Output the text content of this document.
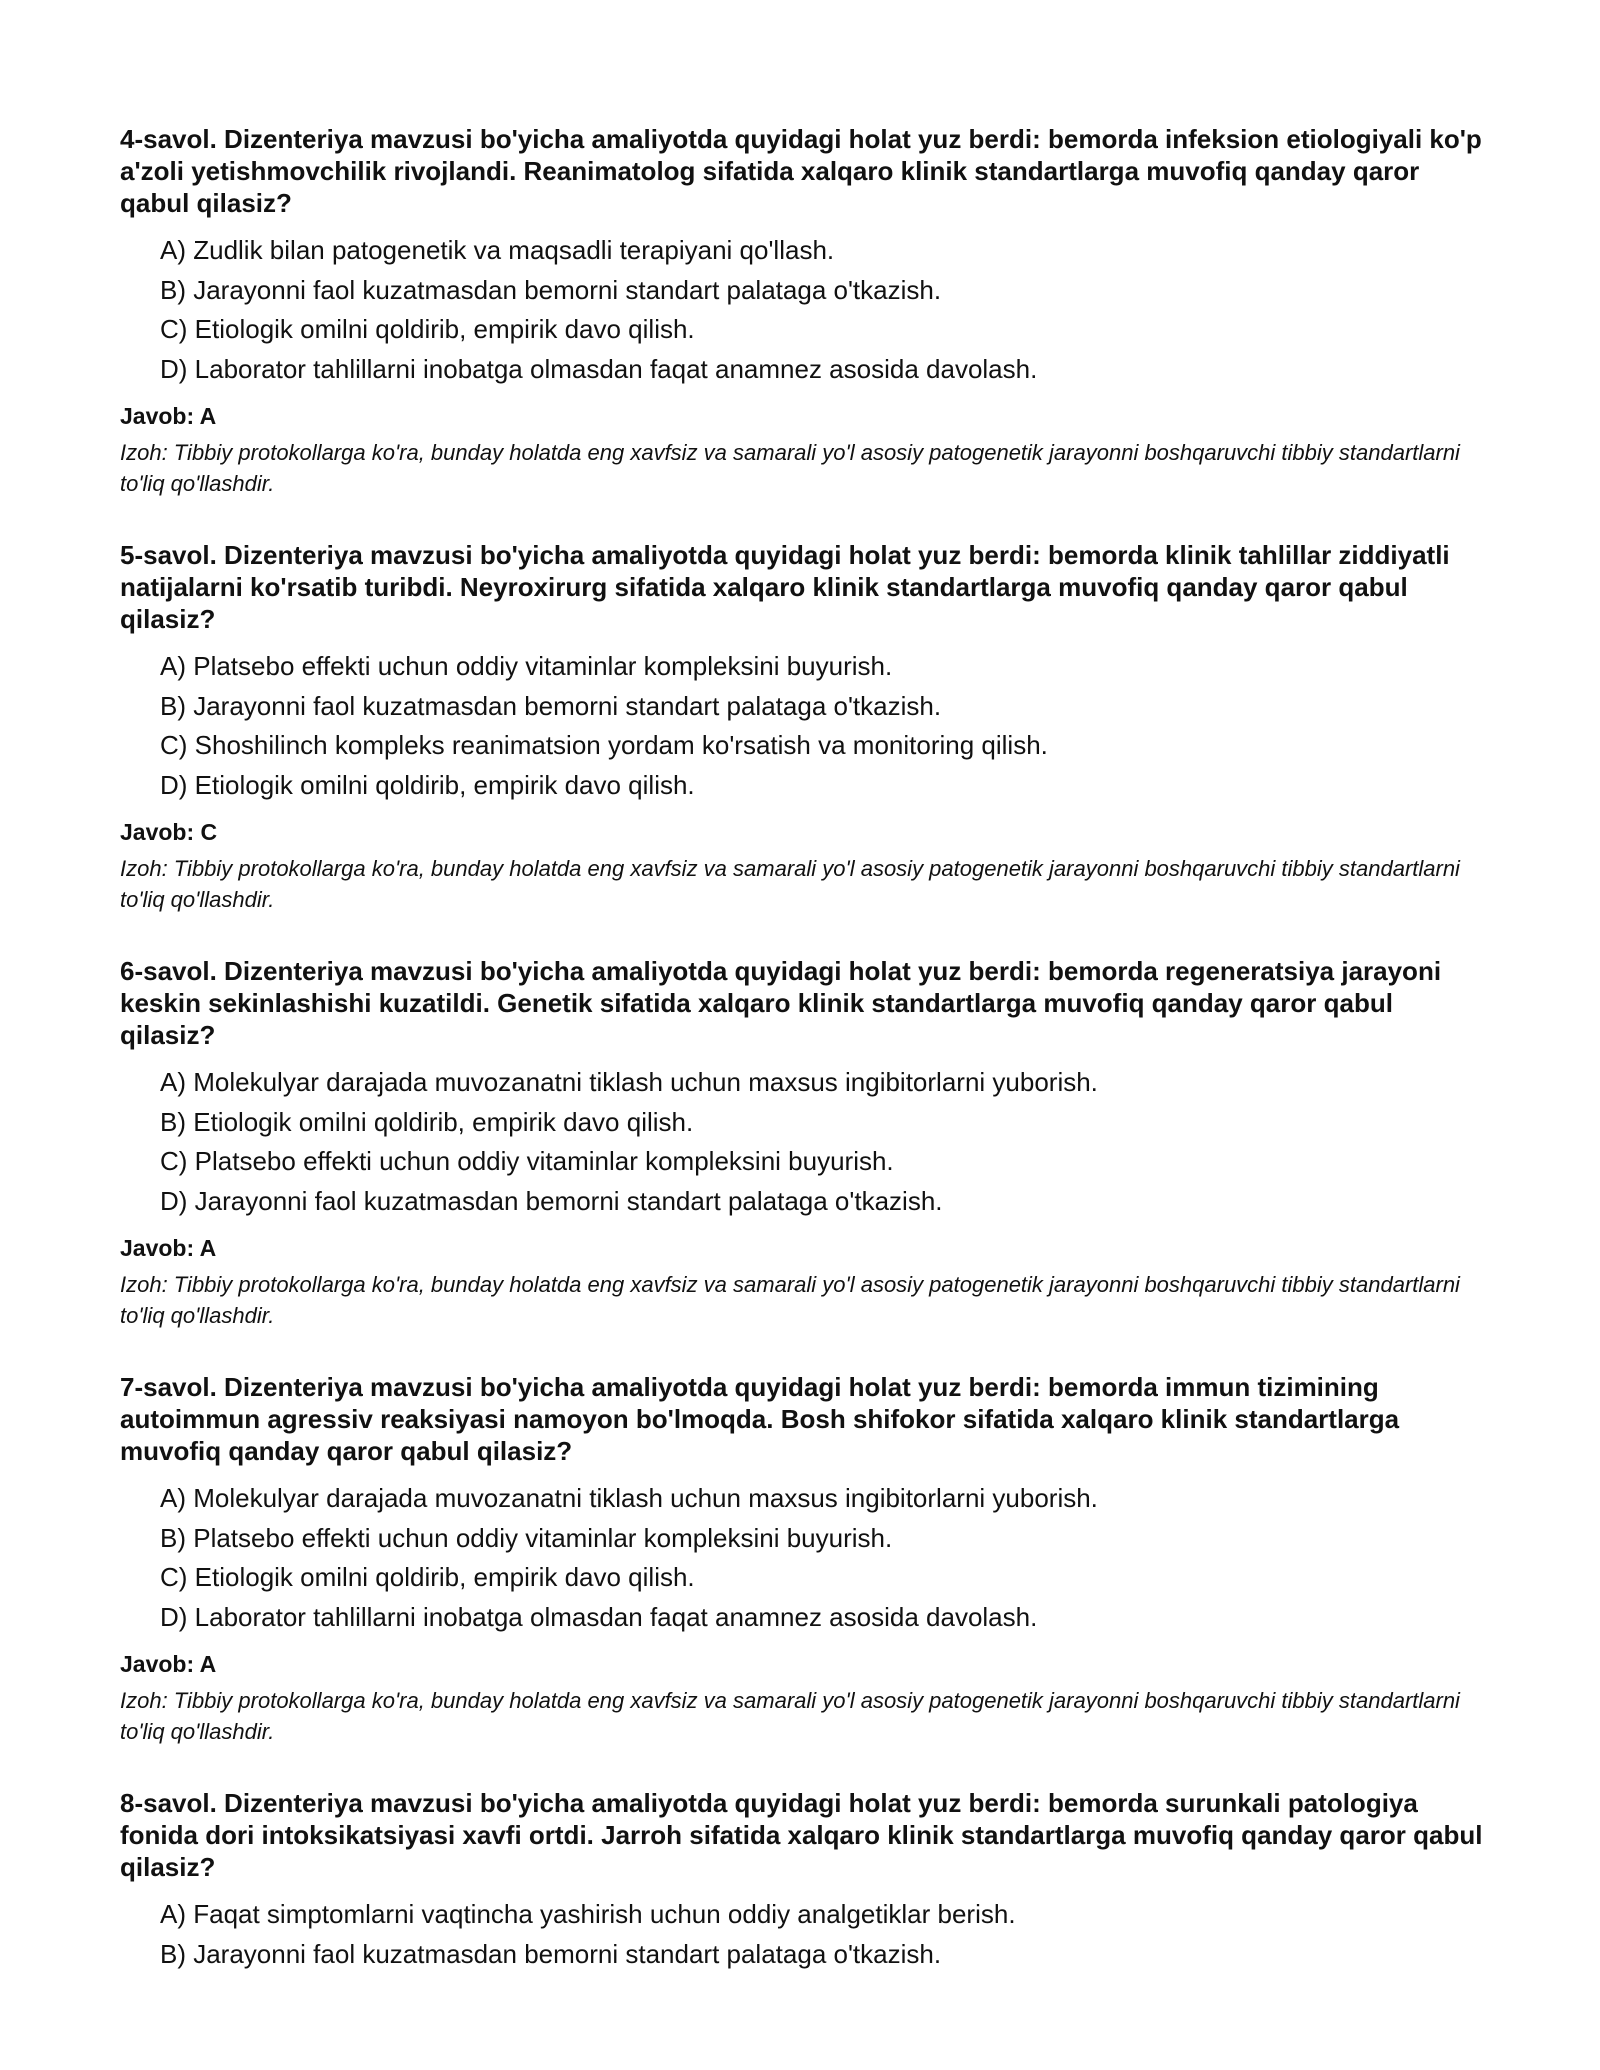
4-savol. Dizenteriya mavzusi bo'yicha amaliyotda quyidagi holat yuz berdi: bemorda infeksion etiologiyali ko'p a'zoli yetishmovchilik rivojlandi. Reanimatolog sifatida xalqaro klinik standartlarga muvofiq qanday qaror qabul qilasiz?

A) Zudlik bilan patogenetik va maqsadli terapiyani qo'llash.
B) Jarayonni faol kuzatmasdan bemorni standart palataga o'tkazish.
C) Etiologik omilni qoldirib, empirik davo qilish.
D) Laborator tahlillarni inobatga olmasdan faqat anamnez asosida davolash.

Javob: A

Izoh: Tibbiy protokollarga ko'ra, bunday holatda eng xavfsiz va samarali yo'l asosiy patogenetik jarayonni boshqaruvchi tibbiy standartlarni to'liq qo'llashdir.

5-savol. Dizenteriya mavzusi bo'yicha amaliyotda quyidagi holat yuz berdi: bemorda klinik tahlillar ziddiyatli natijalarni ko'rsatib turibdi. Neyroxirurg sifatida xalqaro klinik standartlarga muvofiq qanday qaror qabul qilasiz?

A) Platsebo effekti uchun oddiy vitaminlar kompleksini buyurish.
B) Jarayonni faol kuzatmasdan bemorni standart palataga o'tkazish.
C) Shoshilinch kompleks reanimatsion yordam ko'rsatish va monitoring qilish.
D) Etiologik omilni qoldirib, empirik davo qilish.

Javob: C

Izoh: Tibbiy protokollarga ko'ra, bunday holatda eng xavfsiz va samarali yo'l asosiy patogenetik jarayonni boshqaruvchi tibbiy standartlarni to'liq qo'llashdir.

6-savol. Dizenteriya mavzusi bo'yicha amaliyotda quyidagi holat yuz berdi: bemorda regeneratsiya jarayoni keskin sekinlashishi kuzatildi. Genetik sifatida xalqaro klinik standartlarga muvofiq qanday qaror qabul qilasiz?

A) Molekulyar darajada muvozanatni tiklash uchun maxsus ingibitorlarni yuborish.
B) Etiologik omilni qoldirib, empirik davo qilish.
C) Platsebo effekti uchun oddiy vitaminlar kompleksini buyurish.
D) Jarayonni faol kuzatmasdan bemorni standart palataga o'tkazish.

Javob: A

Izoh: Tibbiy protokollarga ko'ra, bunday holatda eng xavfsiz va samarali yo'l asosiy patogenetik jarayonni boshqaruvchi tibbiy standartlarni to'liq qo'llashdir.

7-savol. Dizenteriya mavzusi bo'yicha amaliyotda quyidagi holat yuz berdi: bemorda immun tizimining autoimmun agressiv reaksiyasi namoyon bo'lmoqda. Bosh shifokor sifatida xalqaro klinik standartlarga muvofiq qanday qaror qabul qilasiz?

A) Molekulyar darajada muvozanatni tiklash uchun maxsus ingibitorlarni yuborish.
B) Platsebo effekti uchun oddiy vitaminlar kompleksini buyurish.
C) Etiologik omilni qoldirib, empirik davo qilish.
D) Laborator tahlillarni inobatga olmasdan faqat anamnez asosida davolash.

Javob: A

Izoh: Tibbiy protokollarga ko'ra, bunday holatda eng xavfsiz va samarali yo'l asosiy patogenetik jarayonni boshqaruvchi tibbiy standartlarni to'liq qo'llashdir.

8-savol. Dizenteriya mavzusi bo'yicha amaliyotda quyidagi holat yuz berdi: bemorda surunkali patologiya fonida dori intoksikatsiyasi xavfi ortdi. Jarroh sifatida xalqaro klinik standartlarga muvofiq qanday qaror qabul qilasiz?

A) Faqat simptomlarni vaqtincha yashirish uchun oddiy analgetiklar berish.
B) Jarayonni faol kuzatmasdan bemorni standart palataga o'tkazish.
